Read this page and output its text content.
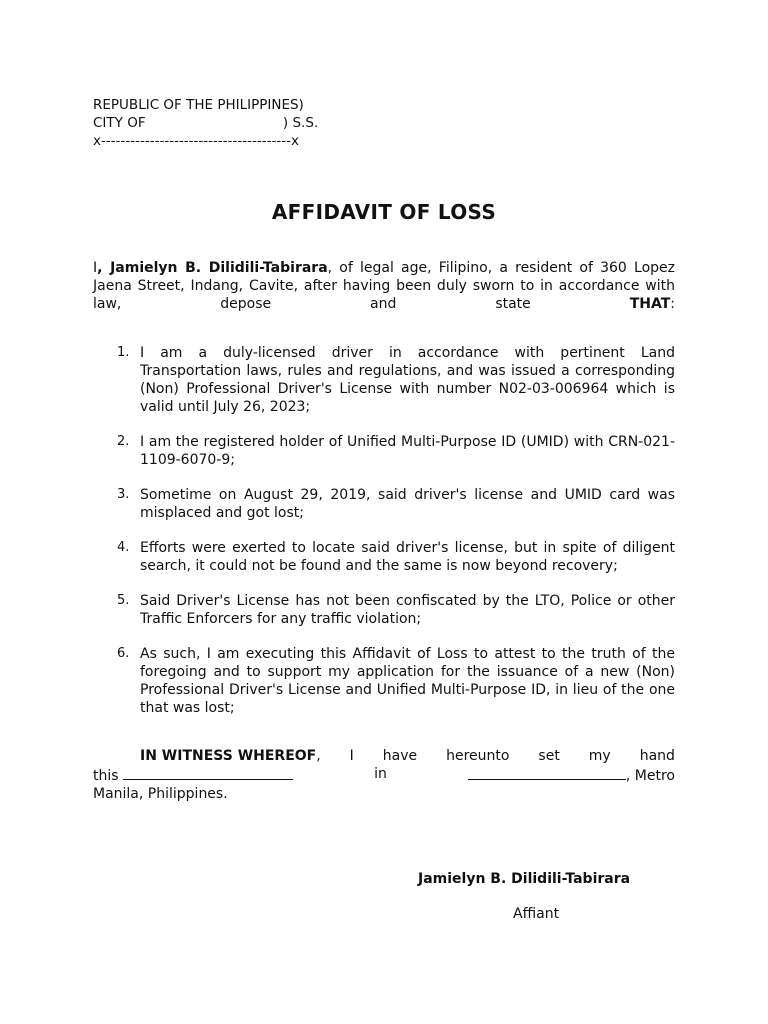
REPUBLIC OF THE PHILIPPINES)
CITY OF                                ) S.S.
x---------------------------------------x
AFFIDAVIT OF LOSS

I, Jamielyn B. Dilidili-Tabirara, of legal age, Filipino, a resident of 360 Lopez Jaena Street, Indang, Cavite, after having been duly sworn to in accordance with law, depose and state THAT:

1. I am a duly-licensed driver in accordance with pertinent Land Transportation laws, rules and regulations, and was issued a corresponding (Non) Professional Driver's License with number N02-03-006964 which is valid until July 26, 2023;
2. I am the registered holder of Unified Multi-Purpose ID (UMID) with CRN-021-1109-6070-9;
3. Sometime on August 29, 2019, said driver's license and UMID card was misplaced and got lost;
4. Efforts were exerted to locate said driver's license, but in spite of diligent search, it could not be found and the same is now beyond recovery;
5. Said Driver's License has not been confiscated by the LTO, Police or other Traffic Enforcers for any traffic violation;
6. As such, I am executing this Affidavit of Loss to attest to the truth of the foregoing and to support my application for the issuance of a new (Non) Professional Driver's License and Unified Multi-Purpose ID, in lieu of the one that was lost;
IN WITNESS WHEREOF, I have hereunto set my hand
this	in	, Metro
Manila, Philippines.
Jamielyn B. Dilidili-Tabirara
Affiant
